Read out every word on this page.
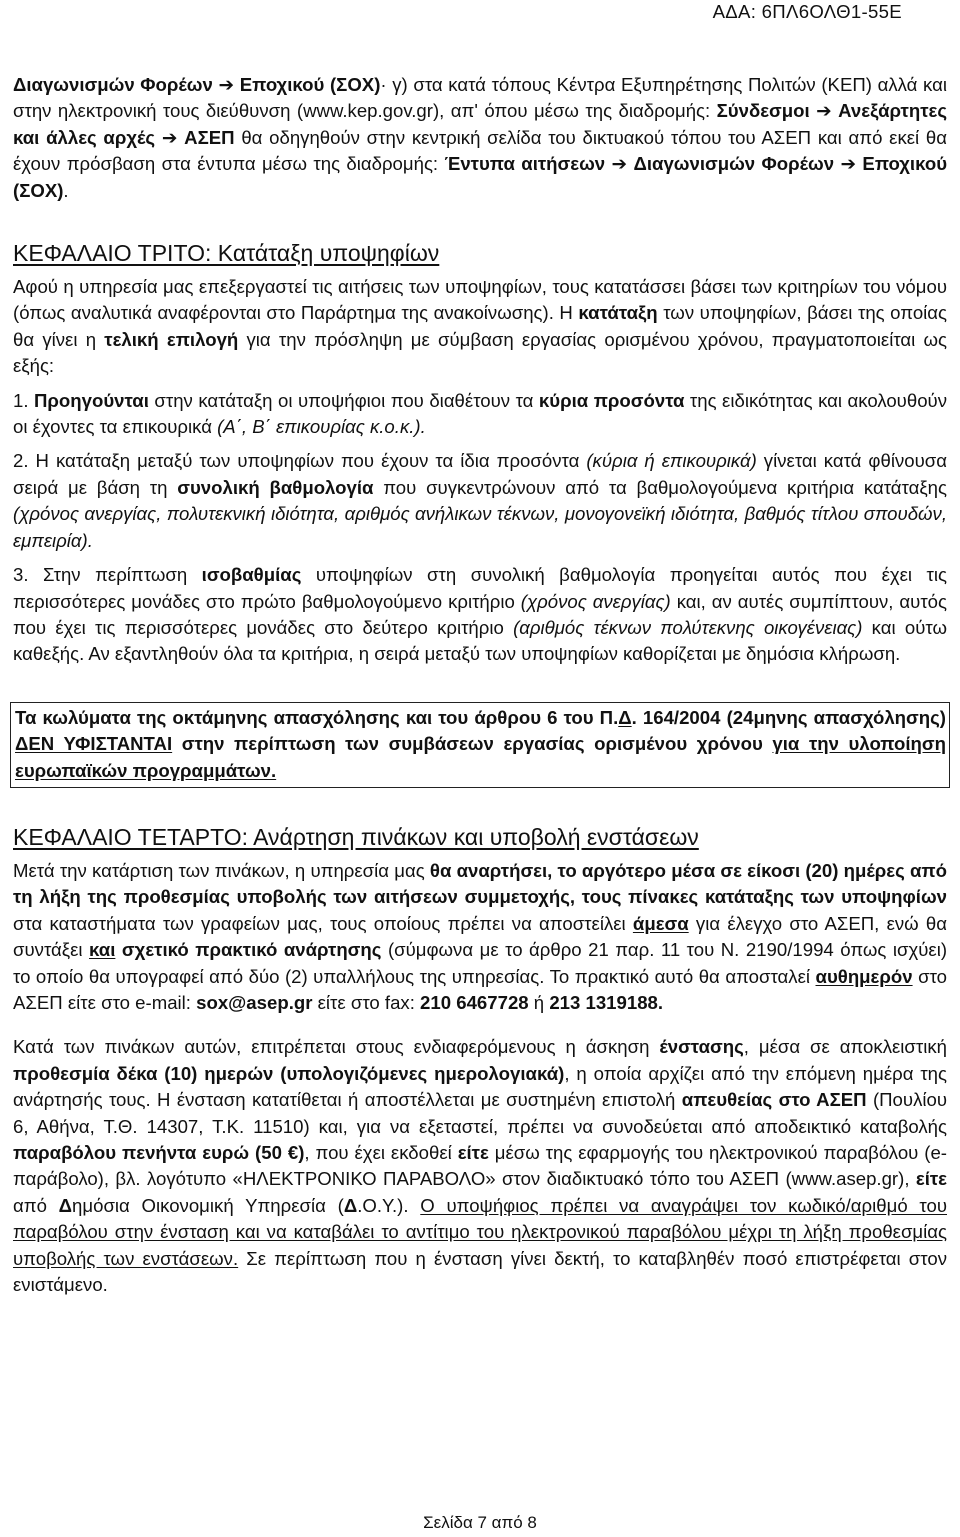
ΑΔΑ: 6ΠΛ6ΟΛΘ1-55Ε

Διαγωνισμών Φορέων ➔ Εποχικού (ΣΟΧ)· γ) στα κατά τόπους Κέντρα Εξυπηρέτησης Πολιτών (ΚΕΠ) αλλά και στην ηλεκτρονική τους διεύθυνση (www.kep.gov.gr), απ' όπου μέσω της διαδρομής: Σύνδεσμοι ➔ Ανεξάρτητες και άλλες αρχές ➔ ΑΣΕΠ θα οδηγηθούν στην κεντρική σελίδα του δικτυακού τόπου του ΑΣΕΠ και από εκεί θα έχουν πρόσβαση στα έντυπα μέσω της διαδρομής: Έντυπα αιτήσεων ➔ Διαγωνισμών Φορέων ➔ Εποχικού (ΣΟΧ).

ΚΕΦΑΛΑΙΟ ΤΡΙΤΟ: Κατάταξη υποψηφίων

Αφού η υπηρεσία μας επεξεργαστεί τις αιτήσεις των υποψηφίων, τους κατατάσσει βάσει των κριτηρίων του νόμου (όπως αναλυτικά αναφέρονται στο Παράρτημα της ανακοίνωσης). Η κατάταξη των υποψηφίων, βάσει της οποίας θα γίνει η τελική επιλογή για την πρόσληψη με σύμβαση εργασίας ορισμένου χρόνου, πραγματοποιείται ως εξής:

1. Προηγούνται στην κατάταξη οι υποψήφιοι που διαθέτουν τα κύρια προσόντα της ειδικότητας και ακολουθούν οι έχοντες τα επικουρικά (Α΄, Β΄ επικουρίας κ.ο.κ.).

2. Η κατάταξη μεταξύ των υποψηφίων που έχουν τα ίδια προσόντα (κύρια ή επικουρικά) γίνεται κατά φθίνουσα σειρά με βάση τη συνολική βαθμολογία που συγκεντρώνουν από τα βαθμολογούμενα κριτήρια κατάταξης (χρόνος ανεργίας, πολυτεκνική ιδιότητα, αριθμός ανήλικων τέκνων, μονογονεϊκή ιδιότητα, βαθμός τίτλου σπουδών, εμπειρία).

3. Στην περίπτωση ισοβαθμίας υποψηφίων στη συνολική βαθμολογία προηγείται αυτός που έχει τις περισσότερες μονάδες στο πρώτο βαθμολογούμενο κριτήριο (χρόνος ανεργίας) και, αν αυτές συμπίπτουν, αυτός που έχει τις περισσότερες μονάδες στο δεύτερο κριτήριο (αριθμός τέκνων πολύτεκνης οικογένειας) και ούτω καθεξής. Αν εξαντληθούν όλα τα κριτήρια, η σειρά μεταξύ των υποψηφίων καθορίζεται με δημόσια κλήρωση.

Τα κωλύματα της οκτάμηνης απασχόλησης και του άρθρου 6 του Π.Δ. 164/2004 (24μηνης απασχόλησης) ΔΕΝ ΥΦΙΣΤΑΝΤΑΙ στην περίπτωση των συμβάσεων εργασίας ορισμένου χρόνου για την υλοποίηση ευρωπαϊκών προγραμμάτων.
ΚΕΦΑΛΑΙΟ ΤΕΤΑΡΤΟ: Ανάρτηση πινάκων και υποβολή ενστάσεων

Μετά την κατάρτιση των πινάκων, η υπηρεσία μας θα αναρτήσει, το αργότερο μέσα σε είκοσι (20) ημέρες από τη λήξη της προθεσμίας υποβολής των αιτήσεων συμμετοχής, τους πίνακες κατάταξης των υποψηφίων στα καταστήματα των γραφείων μας, τους οποίους πρέπει να αποστείλει άμεσα για έλεγχο στο ΑΣΕΠ, ενώ θα συντάξει και σχετικό πρακτικό ανάρτησης (σύμφωνα με το άρθρο 21 παρ. 11 του Ν. 2190/1994 όπως ισχύει) το οποίο θα υπογραφεί από δύο (2) υπαλλήλους της υπηρεσίας. Το πρακτικό αυτό θα αποσταλεί αυθημερόν στο ΑΣΕΠ είτε στο e-mail: sox@asep.gr είτε στο fax: 210 6467728 ή 213 1319188.

Κατά των πινάκων αυτών, επιτρέπεται στους ενδιαφερόμενους η άσκηση ένστασης, μέσα σε αποκλειστική προθεσμία δέκα (10) ημερών (υπολογιζόμενες ημερολογιακά), η οποία αρχίζει από την επόμενη ημέρα της ανάρτησής τους. Η ένσταση κατατίθεται ή αποστέλλεται με συστημένη επιστολή απευθείας στο ΑΣΕΠ (Πουλίου 6, Αθήνα, Τ.Θ. 14307, Τ.Κ. 11510) και, για να εξεταστεί, πρέπει να συνοδεύεται από αποδεικτικό καταβολής παραβόλου πενήντα ευρώ (50 €), που έχει εκδοθεί είτε μέσω της εφαρμογής του ηλεκτρονικού παραβόλου (e-παράβολο), βλ. λογότυπο «ΗΛΕΚΤΡΟΝΙΚΟ ΠΑΡΑΒΟΛΟ» στον διαδικτυακό τόπο του ΑΣΕΠ (www.asep.gr), είτε από Δημόσια Οικονομική Υπηρεσία (Δ.Ο.Υ.). Ο υποψήφιος πρέπει να αναγράψει τον κωδικό/αριθμό του παραβόλου στην ένσταση και να καταβάλει το αντίτιμο του ηλεκτρονικού παραβόλου μέχρι τη λήξη προθεσμίας υποβολής των ενστάσεων. Σε περίπτωση που η ένσταση γίνει δεκτή, το καταβληθέν ποσό επιστρέφεται στον ενιστάμενο.

Σελίδα 7 από 8
